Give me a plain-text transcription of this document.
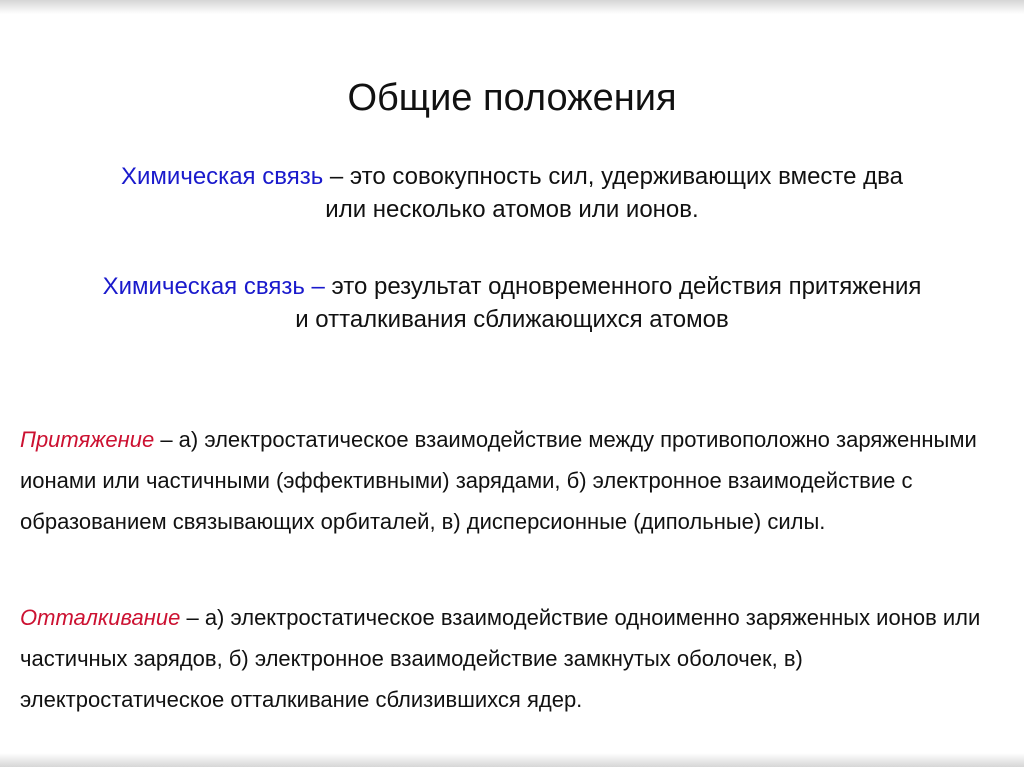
Общие положения
Химическая связь – это совокупность сил, удерживающих вместе два или несколько атомов или ионов.
Химическая связь – это результат одновременного действия притяжения и отталкивания сближающихся атомов
Притяжение – а) электростатическое взаимодействие между противоположно заряженными ионами или частичными (эффективными) зарядами, б) электронное взаимодействие с образованием связывающих орбиталей, в) дисперсионные (дипольные) силы.
Отталкивание – а) электростатическое взаимодействие одноименно заряженных ионов или частичных зарядов, б) электронное взаимодействие замкнутых оболочек, в) электростатическое отталкивание сблизившихся ядер.
